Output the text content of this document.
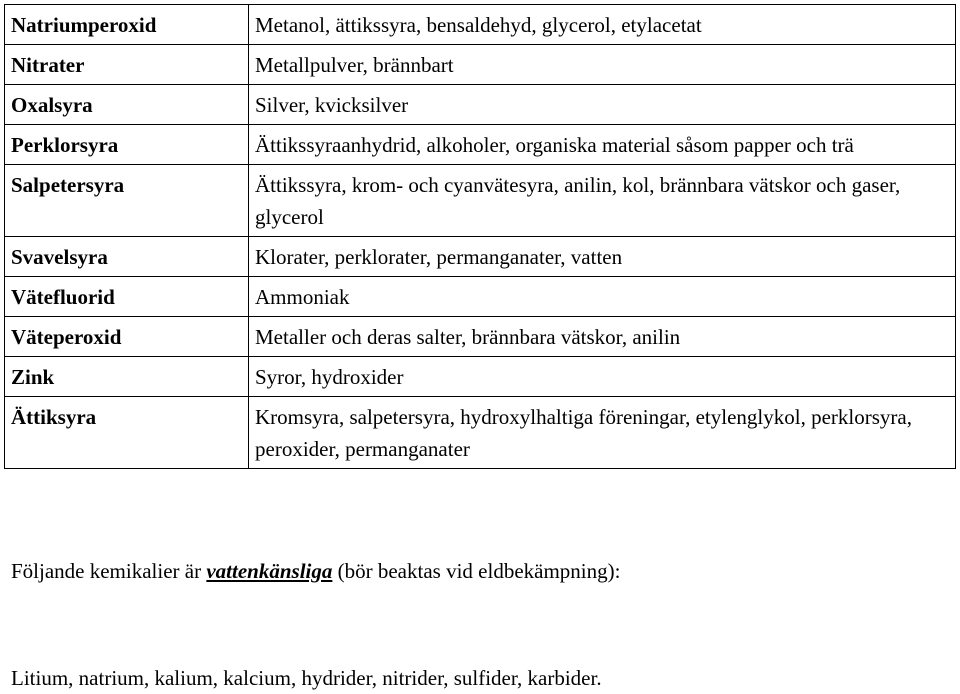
Natriumperoxid	Metanol, ättikssyra, bensaldehyd, glycerol, etylacetat
Nitrater	Metallpulver, brännbart
Oxalsyra	Silver, kvicksilver
Perklorsyra	Ättikssyraanhydrid, alkoholer, organiska material såsom papper och trä
Salpetersyra	Ättikssyra, krom- och cyanvätesyra, anilin, kol, brännbara vätskor och gaser, glycerol
Svavelsyra	Klorater, perklorater, permanganater, vatten
Vätefluorid	Ammoniak
Väteperoxid	Metaller och deras salter, brännbara vätskor, anilin
Zink	Syror, hydroxider
Ättiksyra	Kromsyra, salpetersyra, hydroxylhaltiga föreningar, etylenglykol, perklorsyra, peroxider, permanganater

Följande kemikalier är vattenkänsliga (bör beaktas vid eldbekämpning):

Litium, natrium, kalium, kalcium, hydrider, nitrider, sulfider, karbider.
